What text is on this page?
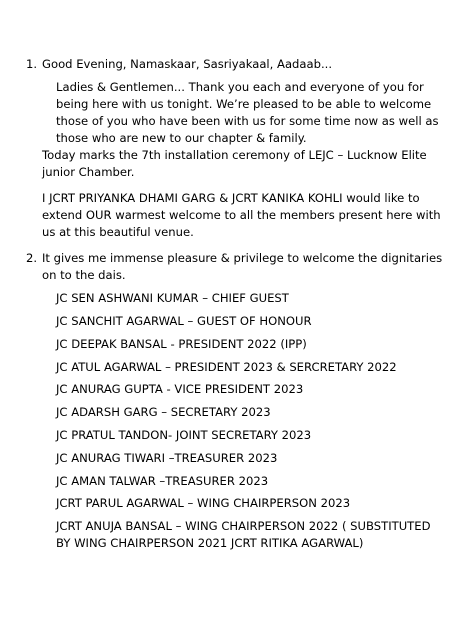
1. Good Evening, Namaskaar, Sasriyakaal, Aadaab...
Ladies & Gentlemen... Thank you each and everyone of you for being here with us tonight. We’re pleased to be able to welcome those of you who have been with us for some time now as well as those who are new to our chapter & family.
Today marks the 7th installation ceremony of LEJC – Lucknow Elite junior Chamber.
I JCRT PRIYANKA DHAMI GARG & JCRT KANIKA KOHLI would like to extend OUR warmest welcome to all the members present here with us at this beautiful venue.
2. It gives me immense pleasure & privilege to welcome the dignitaries on to the dais.
JC SEN ASHWANI KUMAR – CHIEF GUEST
JC SANCHIT AGARWAL – GUEST OF HONOUR
JC DEEPAK BANSAL - PRESIDENT 2022 (IPP)
JC ATUL AGARWAL – PRESIDENT 2023 & SERCRETARY 2022
JC ANURAG GUPTA - VICE PRESIDENT 2023
JC ADARSH GARG – SECRETARY 2023
JC PRATUL TANDON- JOINT SECRETARY 2023
JC ANURAG TIWARI –TREASURER 2023
JC AMAN TALWAR –TREASURER 2023
JCRT PARUL AGARWAL – WING CHAIRPERSON 2023
JCRT ANUJA BANSAL – WING CHAIRPERSON 2022 ( SUBSTITUTED BY WING CHAIRPERSON 2021 JCRT RITIKA AGARWAL)
